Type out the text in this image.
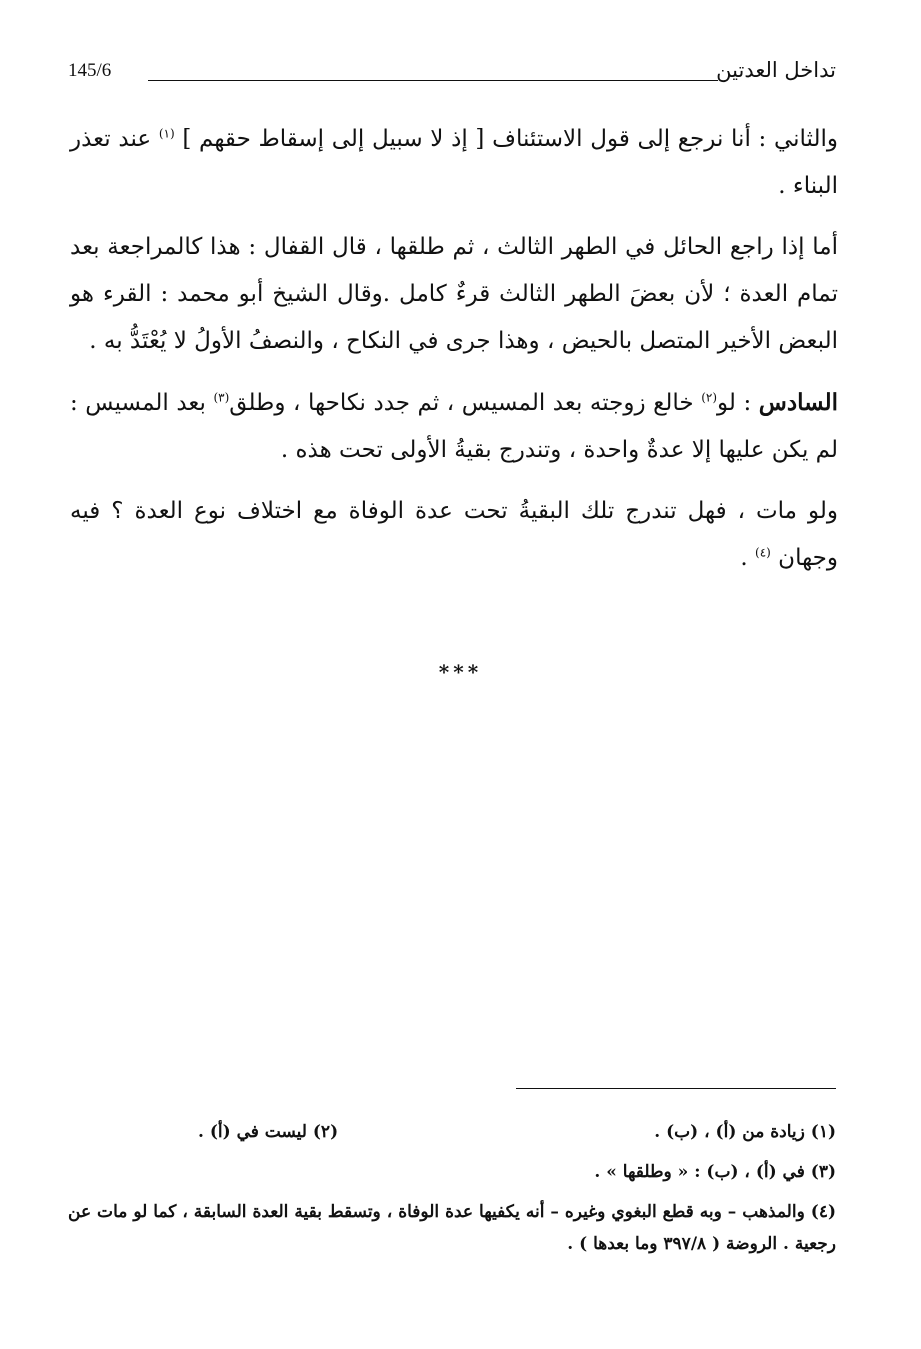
تداخل العدتين
145/6

والثاني : أنا نرجع إلى قول الاستئناف [ إذ لا سبيل إلى إسقاط حقهم ] $^{(١)}$ عند تعذر البناء .

أما إذا راجع الحائل في الطهر الثالث ، ثم طلقها ، قال القفال : هذا كالمراجعة بعد تمام العدة ؛ لأن بعضَ الطهر الثالث قرءٌ كامل .وقال الشيخ أبو محمد : القرء هو البعض الأخير المتصل بالحيض ، وهذا جرى في النكاح ، والنصفُ الأولُ لا يُعْتَدُّ به .

السادس : لو$^{(٢)}$ خالع زوجته بعد المسيس ، ثم جدد نكاحها ، وطلق$^{(٣)}$ بعد المسيس : لم يكن عليها إلا عدةٌ واحدة ، وتندرج بقيةُ الأولى تحت هذه .

ولو مات ، فهل تندرج تلك البقيةُ تحت عدة الوفاة مع اختلاف نوع العدة ؟ فيه وجهان $^{(٤)}$ .

***
(١) زيادة من (أ) ، (ب) .
(٢) ليست في (أ) .
(٣) في (أ) ، (ب) : « وطلقها » .
(٤) والمذهب – وبه قطع البغوي وغيره – أنه يكفيها عدة الوفاة ، وتسقط بقية العدة السابقة ، كما لو مات عن رجعية . الروضة ( ٣٩٧/٨ وما بعدها ) .
